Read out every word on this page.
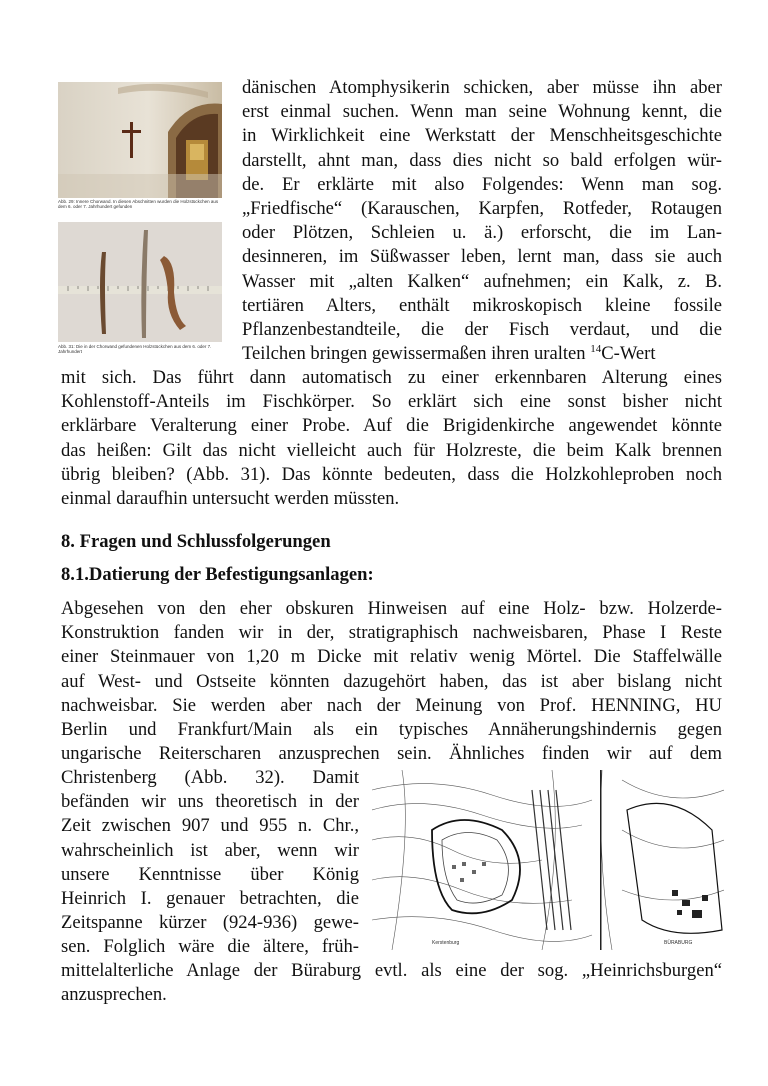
Abb. 29: Innere Chorwand. In diesen Abschnitten wurden die Holzstückchen aus dem 6. oder 7. Jahrhundert gefunden
Abb. 31: Die in der Chorwand gefundenen Holzstückchen aus dem 6. oder 7. Jahrhundert
dänischen Atomphysikerin schicken, aber müsse ihn aber
erst einmal suchen. Wenn man seine Wohnung kennt, die
in Wirklichkeit eine Werkstatt der Menschheitsgeschichte
darstellt, ahnt man, dass dies nicht so bald erfolgen wür-
de. Er erklärte mit also Folgendes: Wenn man sog.
„Friedfische“ (Karauschen, Karpfen, Rotfeder, Rotaugen
oder Plötzen, Schleien u. ä.) erforscht, die im Lan-
desinneren, im Süßwasser leben, lernt man, dass sie auch
Wasser mit „alten Kalken“ aufnehmen; ein Kalk, z. B.
tertiären Alters, enthält mikroskopisch kleine fossile
Pflanzenbestandteile, die der Fisch verdaut, und die
Teilchen bringen gewissermaßen ihren uralten $^{14}$C-Wert
mit sich. Das führt dann automatisch zu einer erkennbaren Alterung eines
Kohlenstoff-Anteils im Fischkörper. So erklärt sich eine sonst bisher nicht
erklärbare Veralterung einer Probe. Auf die Brigidenkirche angewendet könnte
das heißen: Gilt das nicht vielleicht auch für Holzreste, die beim Kalk brennen
übrig bleiben? (Abb. 31). Das könnte bedeuten, dass die Holzkohleproben noch
einmal daraufhin untersucht werden müssten.
8. Fragen und Schlussfolgerungen
8.1.Datierung der Befestigungsanlagen:
Abgesehen von den eher obskuren Hinweisen auf eine Holz- bzw. Holzerde-
Konstruktion fanden wir in der, stratigraphisch nachweisbaren, Phase I Reste
einer Steinmauer von 1,20 m Dicke mit relativ wenig Mörtel. Die Staffelwälle
auf West- und Ostseite könnten dazugehört haben, das ist aber bislang nicht
nachweisbar. Sie werden aber nach der Meinung von Prof. HENNING, HU
Berlin und Frankfurt/Main als ein typisches Annäherungshindernis gegen
ungarische Reiterscharen anzusprechen sein. Ähnliches finden wir auf dem
Christenberg (Abb. 32). Damit
befänden wir uns theoretisch in der
Zeit zwischen 907 und 955 n. Chr.,
wahrscheinlich ist aber, wenn wir
unsere Kenntnisse über König
Heinrich I. genauer betrachten, die
Zeitspanne kürzer (924-936) gewe-
sen. Folglich wäre die ältere, früh-	Kerstenburg	BÜRABURG
mittelalterliche Anlage der Büraburg evtl. als eine der sog. „Heinrichsburgen“
anzusprechen.
